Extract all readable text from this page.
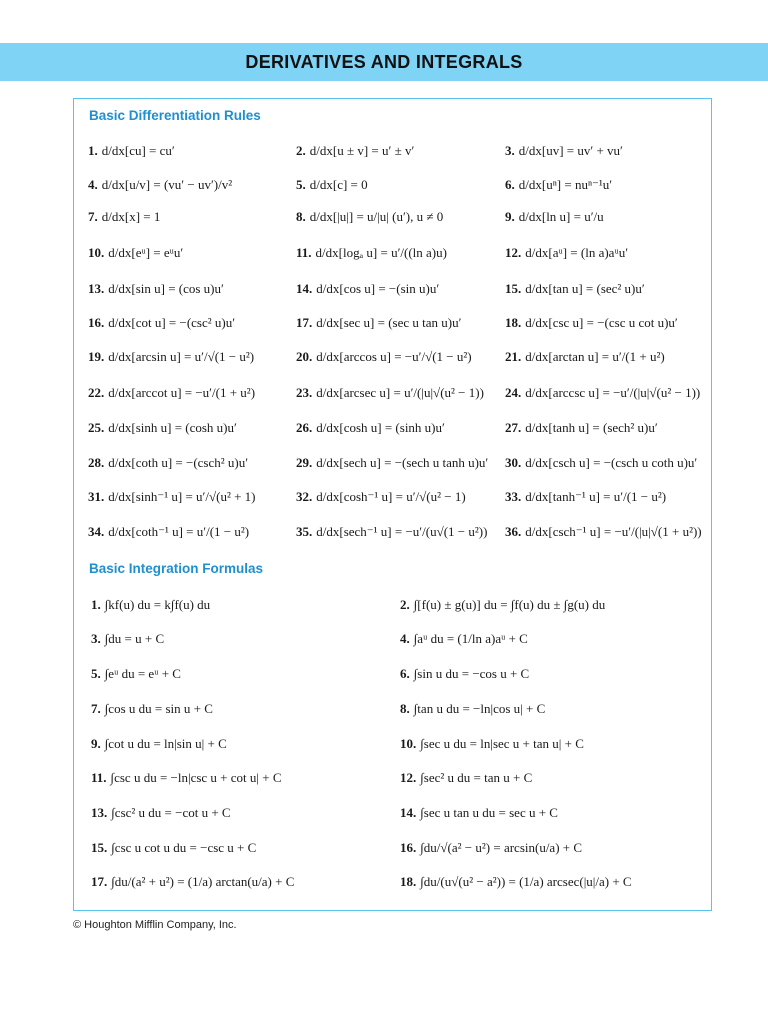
DERIVATIVES AND INTEGRALS
Basic Differentiation Rules
1. d/dx[cu] = cu′	2. d/dx[u ± v] = u′ ± v′	3. d/dx[uv] = uv′ + vu′
4. d/dx[u/v] = (vu′ − uv′)/v²	5. d/dx[c] = 0	6. d/dx[uⁿ] = nuⁿ⁻¹u′
7. d/dx[x] = 1	8. d/dx[|u|] = u/|u| (u′), u ≠ 0	9. d/dx[ln u] = u′/u
10. d/dx[eᵘ] = eᵘu′	11. d/dx[logₐ u] = u′/((ln a)u)	12. d/dx[aᵘ] = (ln a)aᵘu′
13. d/dx[sin u] = (cos u)u′	14. d/dx[cos u] = −(sin u)u′	15. d/dx[tan u] = (sec² u)u′
16. d/dx[cot u] = −(csc² u)u′	17. d/dx[sec u] = (sec u tan u)u′	18. d/dx[csc u] = −(csc u cot u)u′
19. d/dx[arcsin u] = u′/√(1 − u²)	20. d/dx[arccos u] = −u′/√(1 − u²)	21. d/dx[arctan u] = u′/(1 + u²)
22. d/dx[arccot u] = −u′/(1 + u²)	23. d/dx[arcsec u] = u′/(|u|√(u² − 1)) 24. d/dx[arccsc u] = −u′/(|u|√(u² − 1))
25. d/dx[sinh u] = (cosh u)u′	26. d/dx[cosh u] = (sinh u)u′	27. d/dx[tanh u] = (sech² u)u′
28. d/dx[coth u] = −(csch² u)u′	29. d/dx[sech u] = −(sech u tanh u)u′ 30. d/dx[csch u] = −(csch u coth u)u′
31. d/dx[sinh⁻¹ u] = u′/√(u² + 1)	32. d/dx[cosh⁻¹ u] = u′/√(u² − 1)	33. d/dx[tanh⁻¹ u] = u′/(1 − u²)
34. d/dx[coth⁻¹ u] = u′/(1 − u²)	35. d/dx[sech⁻¹ u] = −u′/(u√(1 − u²)) 36. d/dx[csch⁻¹ u] = −u′/(|u|√(1 + u²))
Basic Integration Formulas
1. ∫kf(u) du = k∫f(u) du	2. ∫[f(u) ± g(u)] du = ∫f(u) du ± ∫g(u) du
3. ∫du = u + C	4. ∫aᵘ du = (1/ln a)aᵘ + C
5. ∫eᵘ du = eᵘ + C	6. ∫sin u du = −cos u + C
7. ∫cos u du = sin u + C	8. ∫tan u du = −ln|cos u| + C
9. ∫cot u du = ln|sin u| + C	10. ∫sec u du = ln|sec u + tan u| + C
11. ∫csc u du = −ln|csc u + cot u| + C	12. ∫sec² u du = tan u + C
13. ∫csc² u du = −cot u + C	14. ∫sec u tan u du = sec u + C
15. ∫csc u cot u du = −csc u + C	16. ∫du/√(a² − u²) = arcsin(u/a) + C
17. ∫du/(a² + u²) = (1/a) arctan(u/a) + C	18. ∫du/(u√(u² − a²)) = (1/a) arcsec(|u|/a) + C
© Houghton Mifflin Company, Inc.
